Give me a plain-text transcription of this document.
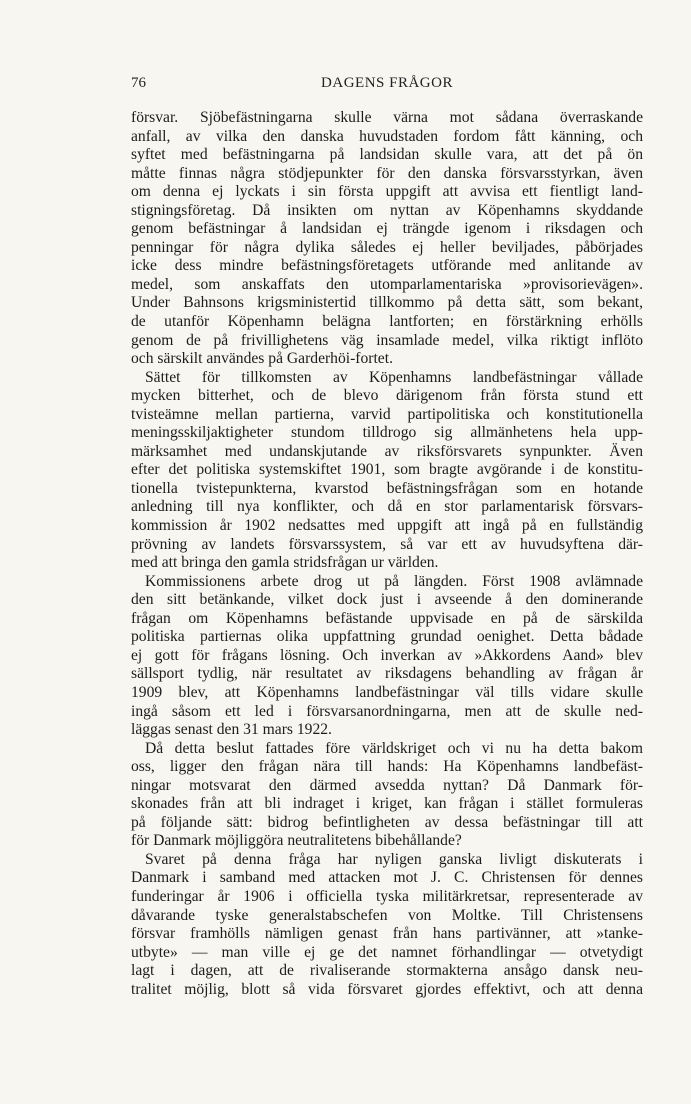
76	DAGENS FRÅGOR
försvar. Sjöbefästningarna skulle värna mot sådana överraskande
anfall, av vilka den danska huvudstaden fordom fått känning, och
syftet med befästningarna på landsidan skulle vara, att det på ön
måtte finnas några stödjepunkter för den danska försvarsstyrkan, även
om denna ej lyckats i sin första uppgift att avvisa ett fientligt land-
stigningsföretag. Då insikten om nyttan av Köpenhamns skyddande
genom befästningar å landsidan ej trängde igenom i riksdagen och
penningar för några dylika således ej heller beviljades, påbörjades
icke dess mindre befästningsföretagets utförande med anlitande av
medel, som anskaffats den utomparlamentariska »provisorievägen».
Under Bahnsons krigsministertid tillkommo på detta sätt, som bekant,
de utanför Köpenhamn belägna lantforten; en förstärkning erhölls
genom de på frivillighetens väg insamlade medel, vilka riktigt inflöto
och särskilt användes på Garderhöi-fortet.
Sättet för tillkomsten av Köpenhamns landbefästningar vållade
mycken bitterhet, och de blevo därigenom från första stund ett
tvisteämne mellan partierna, varvid partipolitiska och konstitutionella
meningsskiljaktigheter stundom tilldrogo sig allmänhetens hela upp-
märksamhet med undanskjutande av riksförsvarets synpunkter. Även
efter det politiska systemskiftet 1901, som bragte avgörande i de konstitu-
tionella tvistepunkterna, kvarstod befästningsfrågan som en hotande
anledning till nya konflikter, och då en stor parlamentarisk försvars-
kommission år 1902 nedsattes med uppgift att ingå på en fullständig
prövning av landets försvarssystem, så var ett av huvudsyftena där-
med att bringa den gamla stridsfrågan ur världen.
Kommissionens arbete drog ut på längden. Först 1908 avlämnade
den sitt betänkande, vilket dock just i avseende å den dominerande
frågan om Köpenhamns befästande uppvisade en på de särskilda
politiska partiernas olika uppfattning grundad oenighet. Detta bådade
ej gott för frågans lösning. Och inverkan av »Akkordens Aand» blev
sällsport tydlig, när resultatet av riksdagens behandling av frågan år
1909 blev, att Köpenhamns landbefästningar väl tills vidare skulle
ingå såsom ett led i försvarsanordningarna, men att de skulle ned-
läggas senast den 31 mars 1922.
Då detta beslut fattades före världskriget och vi nu ha detta bakom
oss, ligger den frågan nära till hands: Ha Köpenhamns landbefäst-
ningar motsvarat den därmed avsedda nyttan? Då Danmark för-
skonades från att bli indraget i kriget, kan frågan i stället formuleras
på följande sätt: bidrog befintligheten av dessa befästningar till att
för Danmark möjliggöra neutralitetens bibehållande?
Svaret på denna fråga har nyligen ganska livligt diskuterats i
Danmark i samband med attacken mot J. C. Christensen för dennes
funderingar år 1906 i officiella tyska militärkretsar, representerade av
dåvarande tyske generalstabschefen von Moltke. Till Christensens
försvar framhölls nämligen genast från hans partivänner, att »tanke-
utbyte» — man ville ej ge det namnet förhandlingar — otvetydigt
lagt i dagen, att de rivaliserande stormakterna ansågo dansk neu-
tralitet möjlig, blott så vida försvaret gjordes effektivt, och att denna
